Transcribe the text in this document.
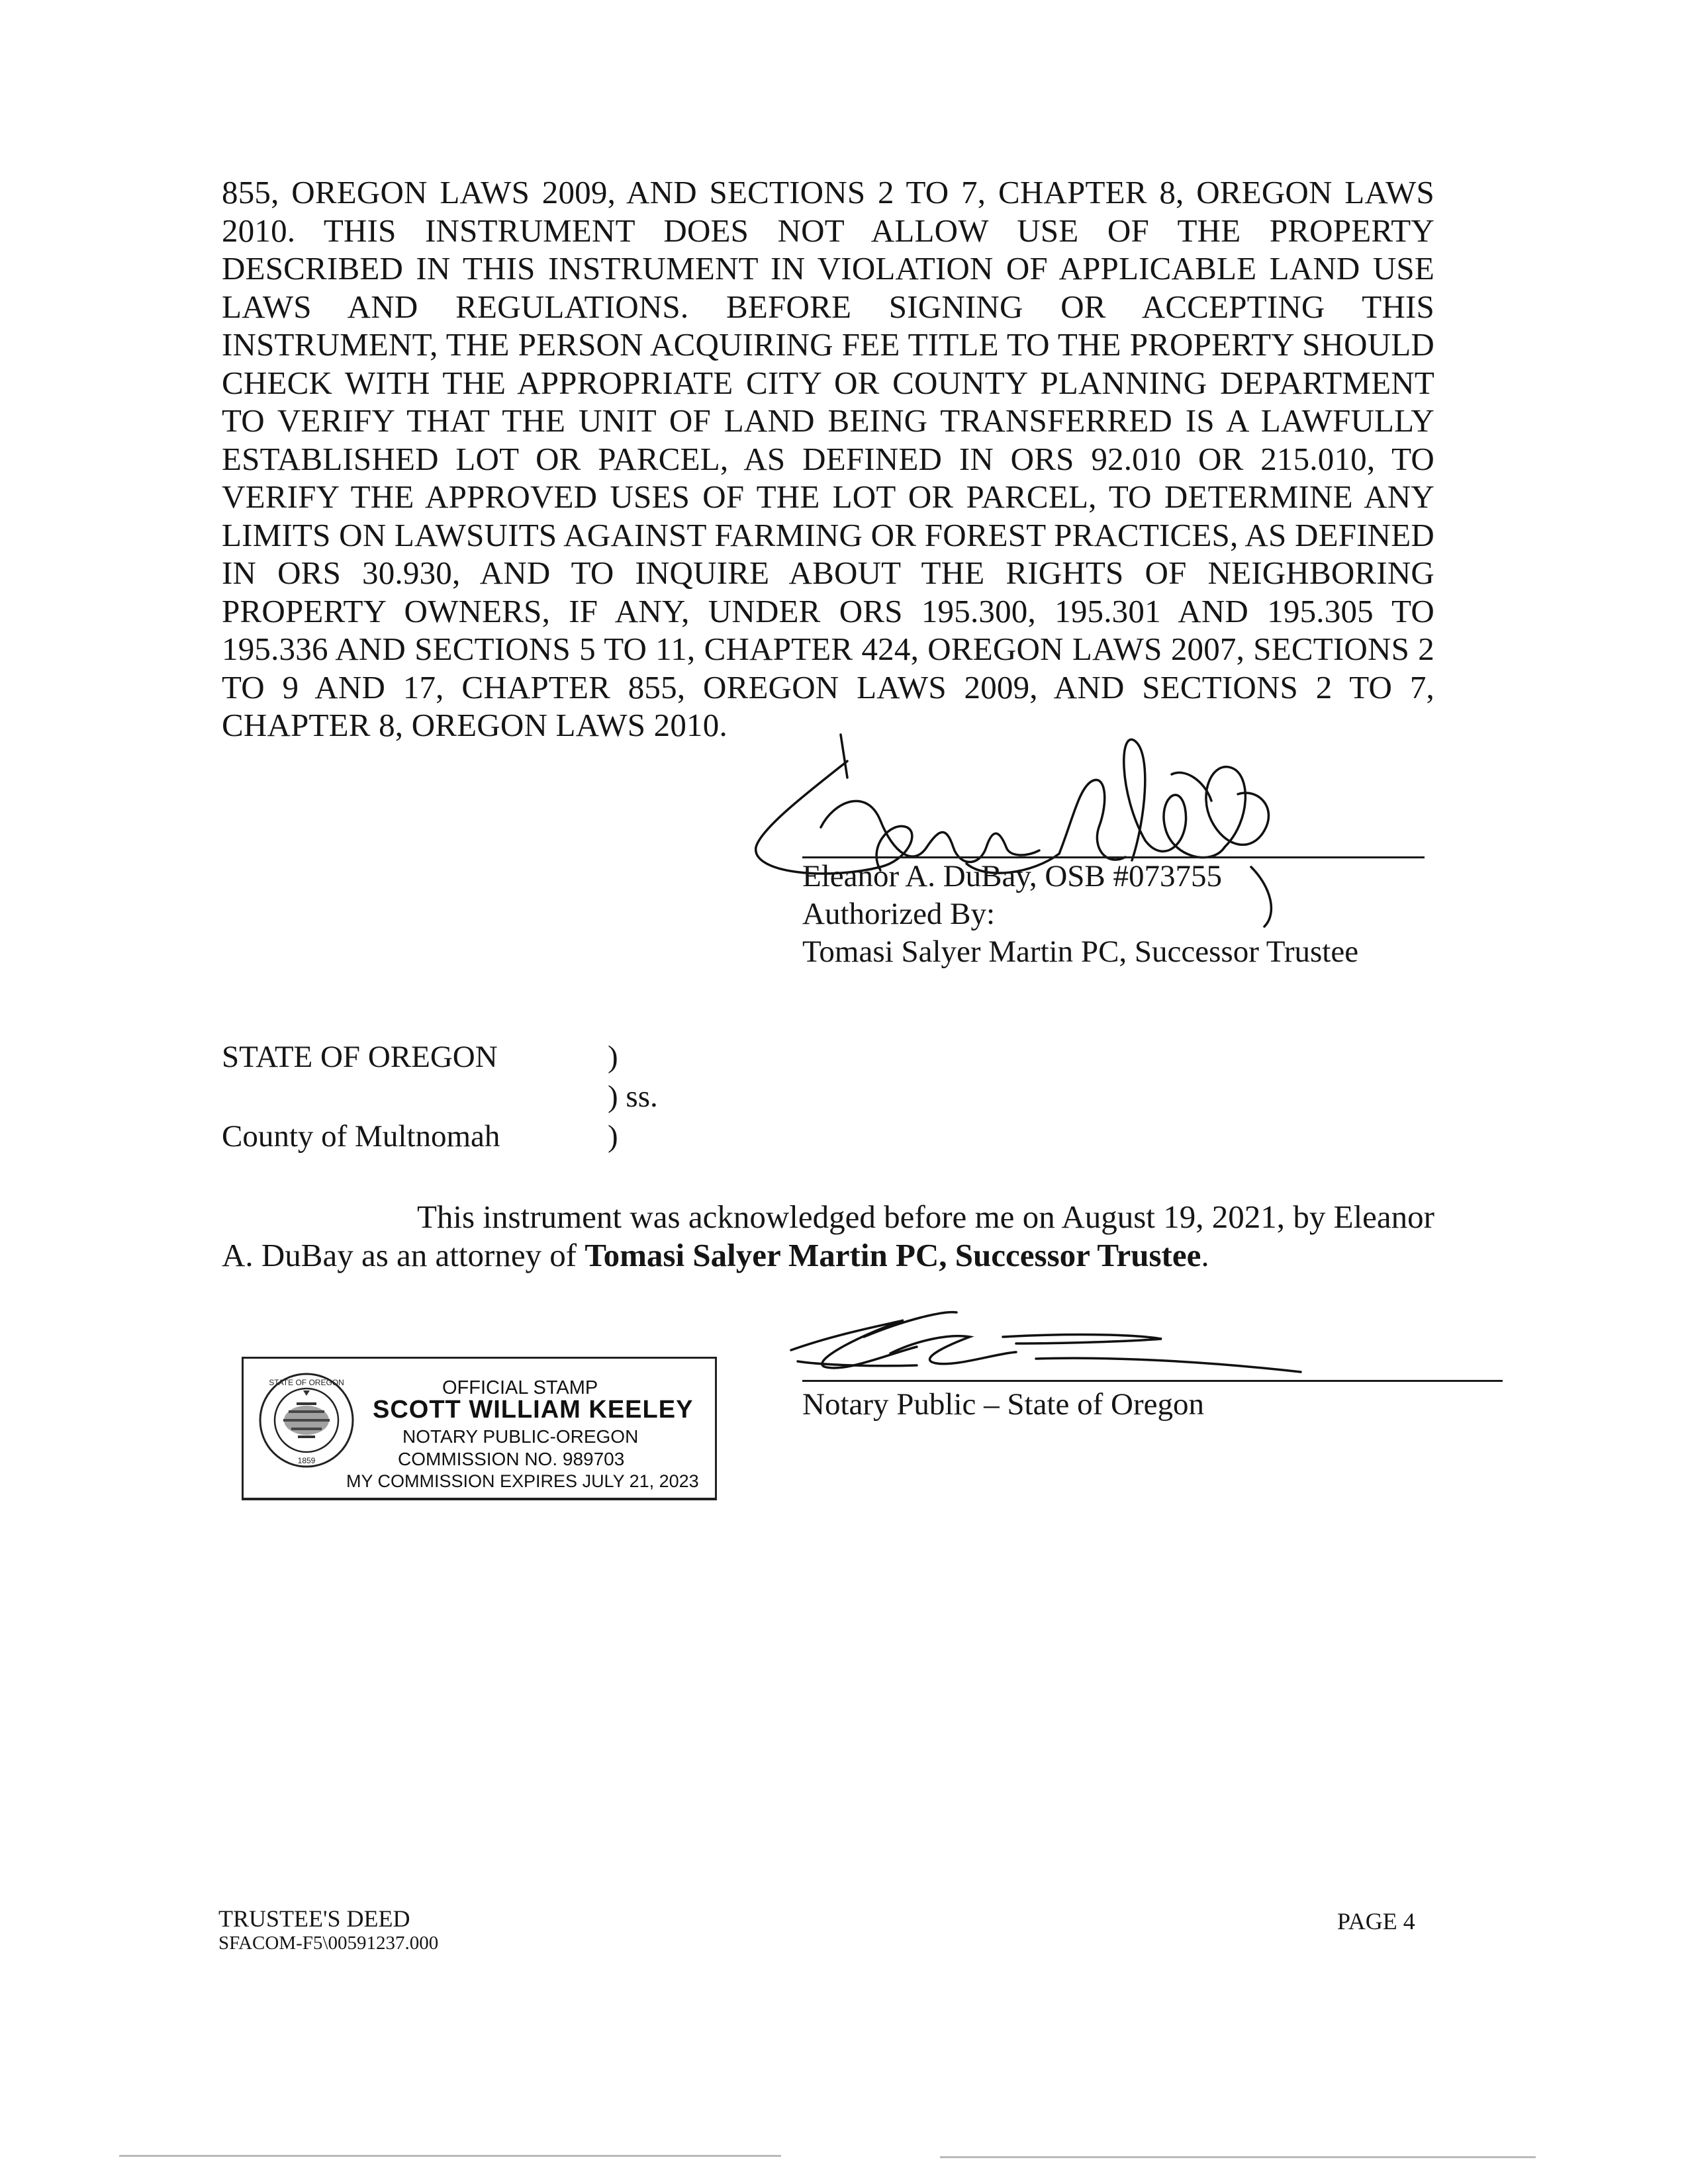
855, OREGON LAWS 2009, AND SECTIONS 2 TO 7, CHAPTER 8, OREGON LAWS 2010. THIS INSTRUMENT DOES NOT ALLOW USE OF THE PROPERTY DESCRIBED IN THIS INSTRUMENT IN VIOLATION OF APPLICABLE LAND USE LAWS AND REGULATIONS. BEFORE SIGNING OR ACCEPTING THIS INSTRUMENT, THE PERSON ACQUIRING FEE TITLE TO THE PROPERTY SHOULD CHECK WITH THE APPROPRIATE CITY OR COUNTY PLANNING DEPARTMENT TO VERIFY THAT THE UNIT OF LAND BEING TRANSFERRED IS A LAWFULLY ESTABLISHED LOT OR PARCEL, AS DEFINED IN ORS 92.010 OR 215.010, TO VERIFY THE APPROVED USES OF THE LOT OR PARCEL, TO DETERMINE ANY LIMITS ON LAWSUITS AGAINST FARMING OR FOREST PRACTICES, AS DEFINED IN ORS 30.930, AND TO INQUIRE ABOUT THE RIGHTS OF NEIGHBORING PROPERTY OWNERS, IF ANY, UNDER ORS 195.300, 195.301 AND 195.305 TO 195.336 AND SECTIONS 5 TO 11, CHAPTER 424, OREGON LAWS 2007, SECTIONS 2 TO 9 AND 17, CHAPTER 855, OREGON LAWS 2009, AND SECTIONS 2 TO 7, CHAPTER 8, OREGON LAWS 2010.
Eleanor A. DuBay, OSB #073755
Authorized By:
Tomasi Salyer Martin PC, Successor Trustee
STATE OF OREGON	)
) ss.
County of Multnomah	)
This instrument was acknowledged before me on August 19, 2021, by Eleanor A. DuBay as an attorney of Tomasi Salyer Martin PC, Successor Trustee.
STATE OF OREGON
1859
OFFICIAL STAMP
SCOTT WILLIAM KEELEY
NOTARY PUBLIC-OREGON
COMMISSION NO. 989703
MY COMMISSION EXPIRES JULY 21, 2023
Notary Public – State of Oregon
TRUSTEE'S DEED
SFACOM-F5\00591237.000
PAGE 4
